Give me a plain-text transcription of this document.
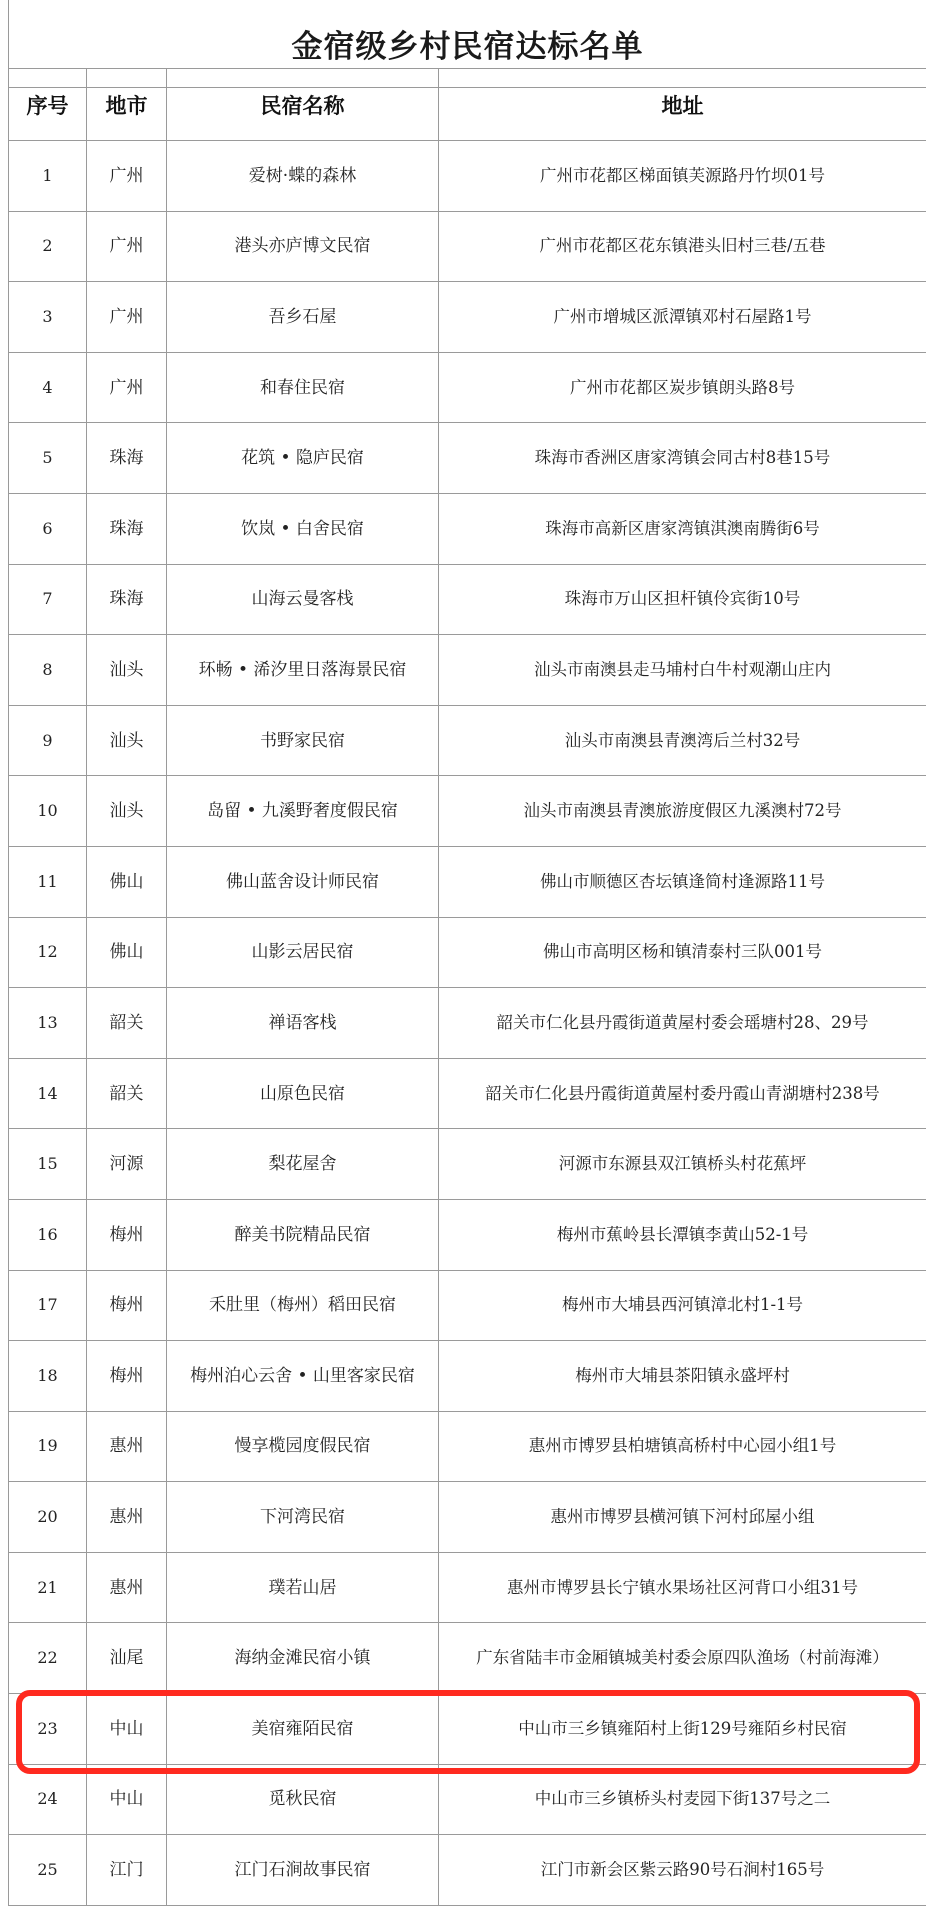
金宿级乡村民宿达标名单
序号	地市	民宿名称	地址
1	广州	爱树·蝶的森林	广州市花都区梯面镇芙源路丹竹坝01号
2	广州	港头亦庐博文民宿	广州市花都区花东镇港头旧村三巷/五巷
3	广州	吾乡石屋	广州市增城区派潭镇邓村石屋路1号
4	广州	和春住民宿	广州市花都区炭步镇朗头路8号
5	珠海	花筑 • 隐庐民宿	珠海市香洲区唐家湾镇会同古村8巷15号
6	珠海	饮岚 • 白舍民宿	珠海市高新区唐家湾镇淇澳南腾街6号
7	珠海	山海云曼客栈	珠海市万山区担杆镇伶宾街10号
8	汕头	环畅 • 浠汐里日落海景民宿	汕头市南澳县走马埔村白牛村观潮山庄内
9	汕头	书野家民宿	汕头市南澳县青澳湾后兰村32号
10	汕头	岛留 • 九溪野奢度假民宿	汕头市南澳县青澳旅游度假区九溪澳村72号
11	佛山	佛山蓝舍设计师民宿	佛山市顺德区杏坛镇逢简村逢源路11号
12	佛山	山影云居民宿	佛山市高明区杨和镇清泰村三队001号
13	韶关	禅语客栈	韶关市仁化县丹霞街道黄屋村委会瑶塘村28、29号
14	韶关	山原色民宿	韶关市仁化县丹霞街道黄屋村委丹霞山青湖塘村238号
15	河源	梨花屋舍	河源市东源县双江镇桥头村花蕉坪
16	梅州	醉美书院精品民宿	梅州市蕉岭县长潭镇李黄山52-1号
17	梅州	禾肚里（梅州）稻田民宿	梅州市大埔县西河镇漳北村1-1号
18	梅州	梅州泊心云舍 • 山里客家民宿	梅州市大埔县茶阳镇永盛坪村
19	惠州	慢享榄园度假民宿	惠州市博罗县柏塘镇高桥村中心园小组1号
20	惠州	下河湾民宿	惠州市博罗县横河镇下河村邱屋小组
21	惠州	璞若山居	惠州市博罗县长宁镇水果场社区河背口小组31号
22	汕尾	海纳金滩民宿小镇	广东省陆丰市金厢镇城美村委会原四队渔场（村前海滩）
23	中山	美宿雍陌民宿	中山市三乡镇雍陌村上街129号雍陌乡村民宿
24	中山	觅秋民宿	中山市三乡镇桥头村麦园下街137号之二
25	江门	江门石涧故事民宿	江门市新会区紫云路90号石涧村165号
